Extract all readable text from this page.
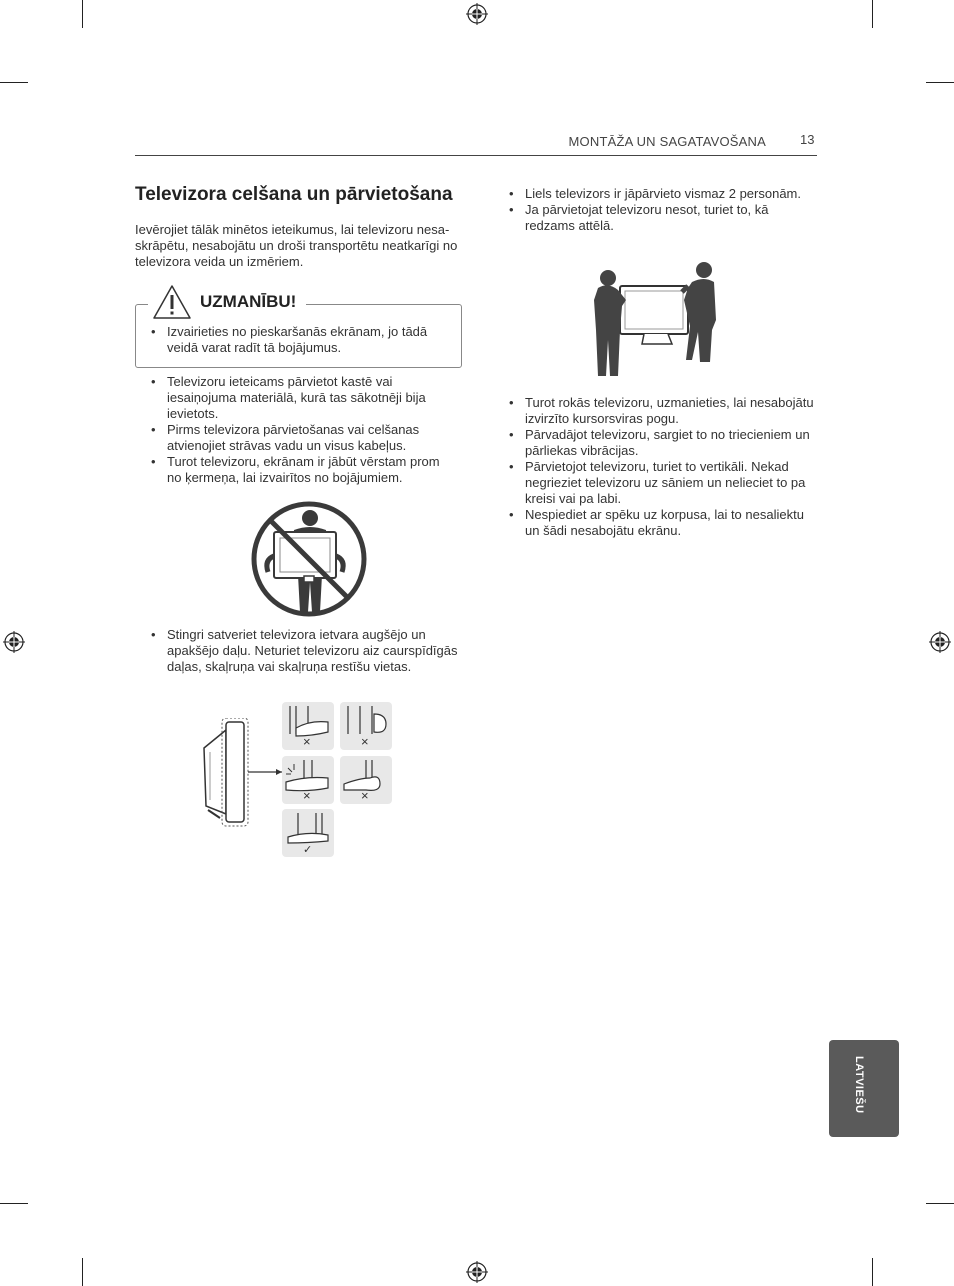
MONTĀŽA UN SAGATAVOŠANA	13
Televizora celšana un pārvietošana

Ievērojiet tālāk minētos ieteikumus, lai televizoru nesa-skrāpētu, nesabojātu un droši transportētu neatkarīgi no televizora veida un izmēriem.

UZMANĪBU!
• Izvairieties no pieskaršanās ekrānam, jo tādā veidā varat radīt tā bojājumus.
• Televizoru ieteicams pārvietot kastē vai iesaiņojuma materiālā, kurā tas sākotnēji bija ievietots.
• Pirms televizora pārvietošanas vai celšanas atvienojiet strāvas vadu un visus kabeļus.
• Turot televizoru, ekrānam ir jābūt vērstam prom no ķermeņa, lai izvairītos no bojājumiem.
• Stingri satveriet televizora ietvara augšējo un apakšējo daļu. Neturiet televizoru aiz caurspīdīgās daļas, skaļruņa vai skaļruņa restīšu vietas.
×	×
×	×
✓
• Liels televizors ir jāpārvieto vismaz 2 personām.
• Ja pārvietojat televizoru nesot, turiet to, kā redzams attēlā.
• Turot rokās televizoru, uzmanieties, lai nesabojātu izvirzīto kursorsviras pogu.
• Pārvadājot televizoru, sargiet to no triecieniem un pārliekas vibrācijas.
• Pārvietojot televizoru, turiet to vertikāli. Nekad negrieziet televizoru uz sāniem un nelieciet to pa kreisi vai pa labi.
• Nespiediet ar spēku uz korpusa, lai to nesaliektu un šādi nesabojātu ekrānu.
LATVIEŠU
